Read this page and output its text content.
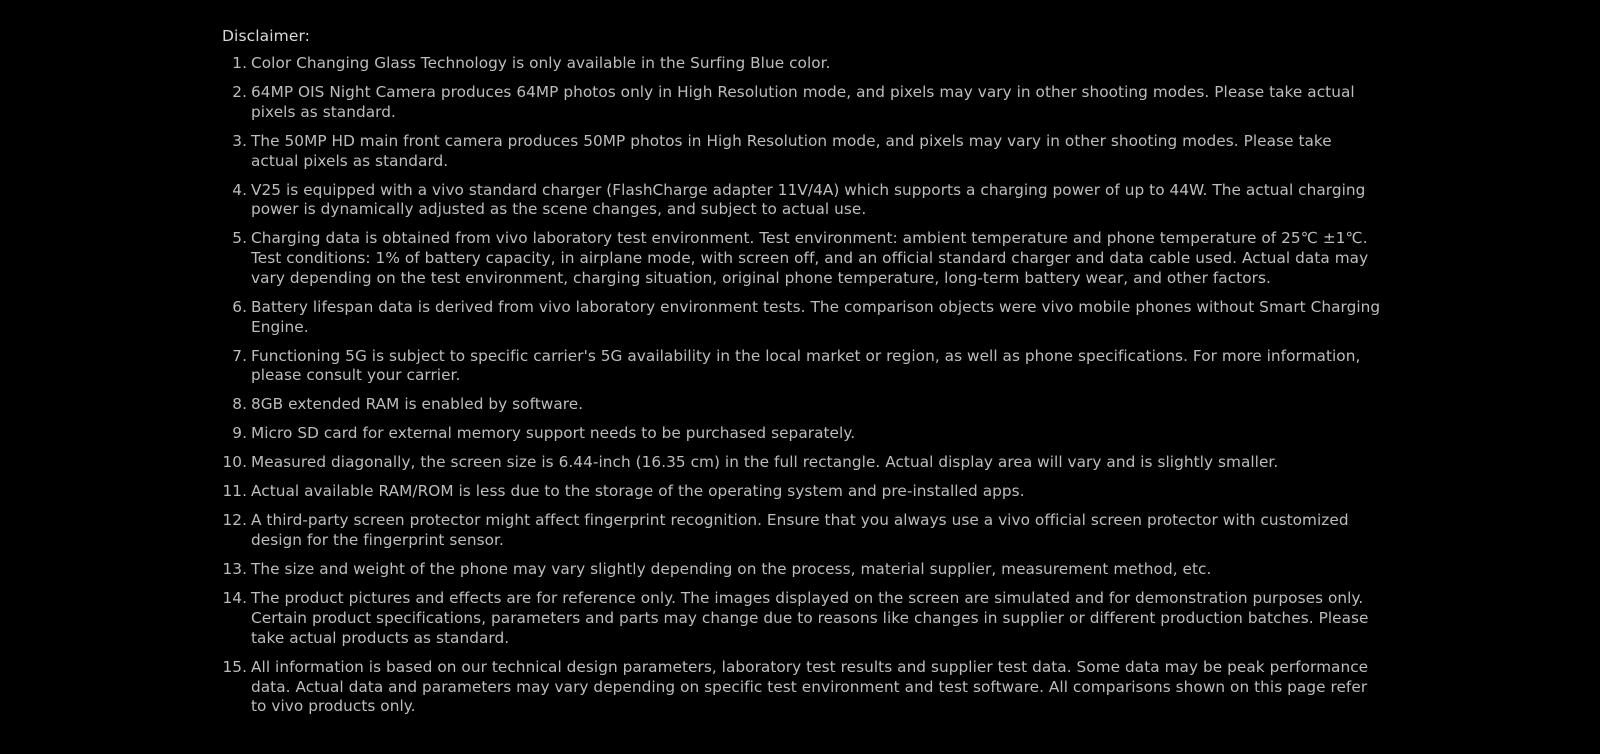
Disclaimer:
1. Color Changing Glass Technology is only available in the Surfing Blue color.
2. 64MP OIS Night Camera produces 64MP photos only in High Resolution mode, and pixels may vary in other shooting modes. Please take actual pixels as standard.
3. The 50MP HD main front camera produces 50MP photos in High Resolution mode, and pixels may vary in other shooting modes. Please take actual pixels as standard.
4. V25 is equipped with a vivo standard charger (FlashCharge adapter 11V/4A) which supports a charging power of up to 44W. The actual charging power is dynamically adjusted as the scene changes, and subject to actual use.
5. Charging data is obtained from vivo laboratory test environment. Test environment: ambient temperature and phone temperature of 25℃ ±1℃. Test conditions: 1% of battery capacity, in airplane mode, with screen off, and an official standard charger and data cable used. Actual data may vary depending on the test environment, charging situation, original phone temperature, long-term battery wear, and other factors.
6. Battery lifespan data is derived from vivo laboratory environment tests. The comparison objects were vivo mobile phones without Smart Charging Engine.
7. Functioning 5G is subject to specific carrier's 5G availability in the local market or region, as well as phone specifications. For more information, please consult your carrier.
8. 8GB extended RAM is enabled by software.
9. Micro SD card for external memory support needs to be purchased separately.
10. Measured diagonally, the screen size is 6.44-inch (16.35 cm) in the full rectangle. Actual display area will vary and is slightly smaller.
11. Actual available RAM/ROM is less due to the storage of the operating system and pre-installed apps.
12. A third-party screen protector might affect fingerprint recognition. Ensure that you always use a vivo official screen protector with customized design for the fingerprint sensor.
13. The size and weight of the phone may vary slightly depending on the process, material supplier, measurement method, etc.
14. The product pictures and effects are for reference only. The images displayed on the screen are simulated and for demonstration purposes only. Certain product specifications, parameters and parts may change due to reasons like changes in supplier or different production batches. Please take actual products as standard.
15. All information is based on our technical design parameters, laboratory test results and supplier test data. Some data may be peak performance data. Actual data and parameters may vary depending on specific test environment and test software. All comparisons shown on this page refer to vivo products only.
